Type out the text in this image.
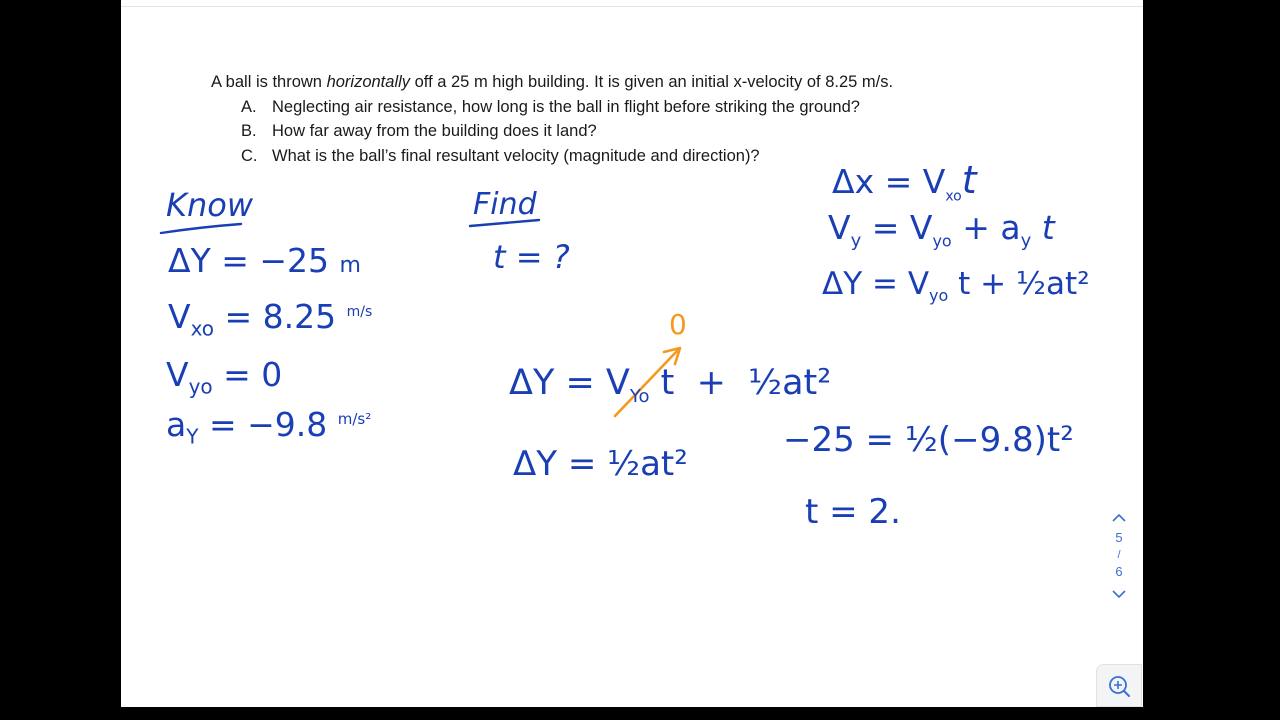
A ball is thrown horizontally off a 25 m high building. It is given an initial x-velocity of 8.25 m/s.
A. Neglecting air resistance, how long is the ball in flight before striking the ground?
B. How far away from the building does it land?
C. What is the ball’s final resultant velocity (magnitude and direction)?
Know
ΔY = −25 m
$V_{xo} = 8.25$ $^{m/s}$
$V_{yo} = 0$
$a_Y = -9.8$ $^{m/s^2}$
Find
t = ?
$\Delta x = V_{xo}t$
$V_y = V_{yo} + a_y$ t
$\Delta Y = V_{yo}$ t + ½at²
0
$\Delta Y = V_{Yo}$ t  +  ½at²
ΔY = ½at²
−25 = ½(−9.8)t²
t = 2.
5
/
6
